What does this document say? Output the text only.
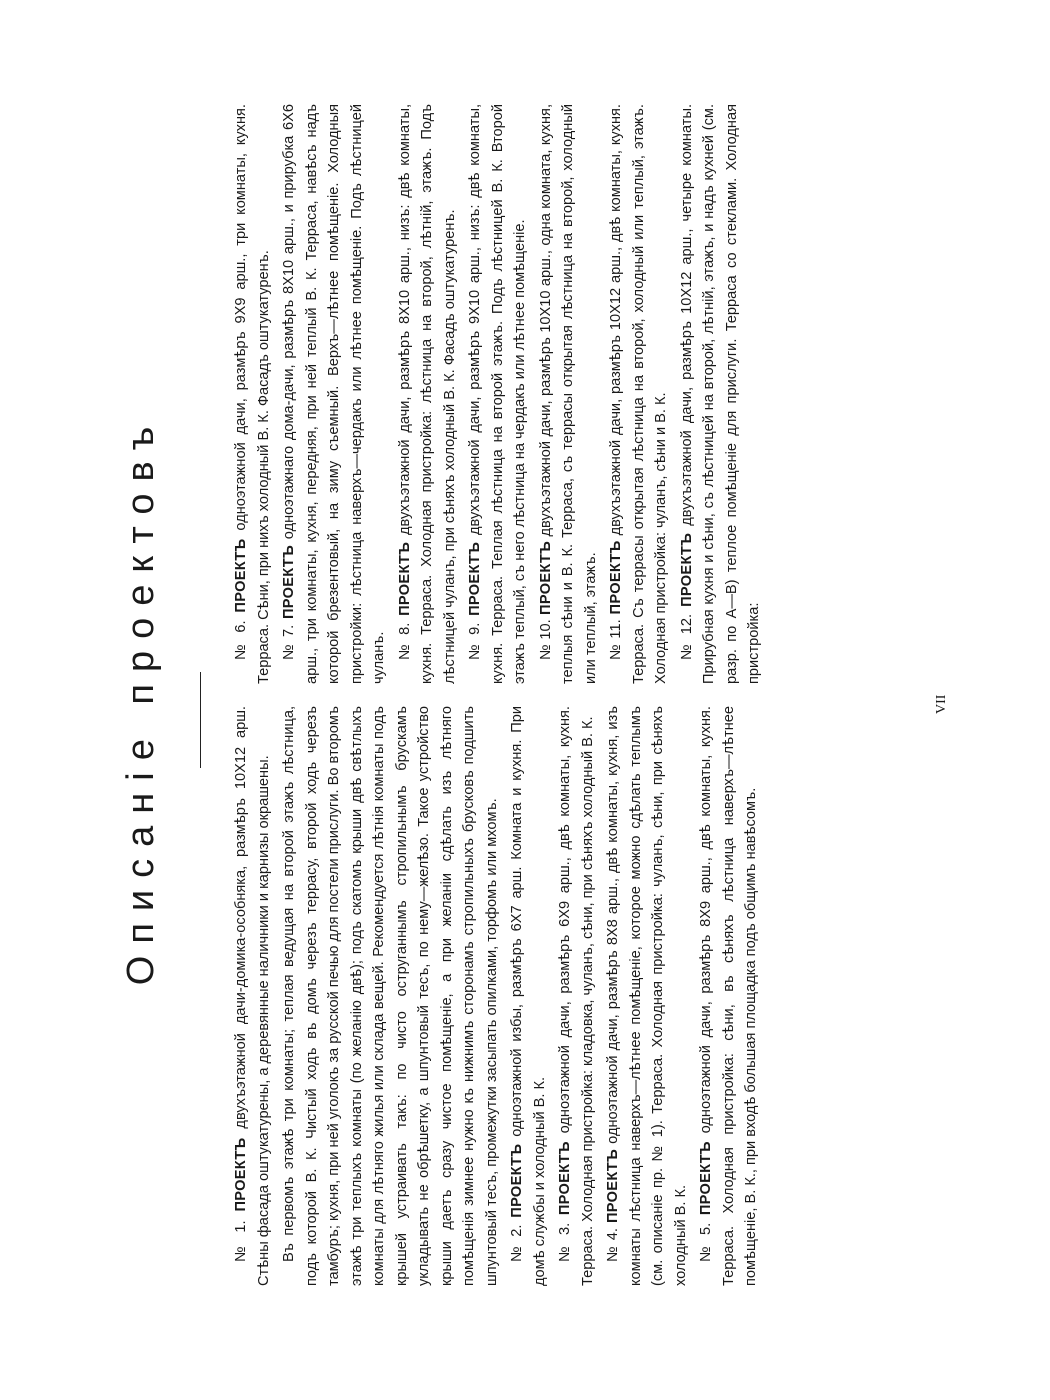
Описаніе проектовъ

№ 1. ПРОЕКТЪ двухъэтажной дачи-домика-особняка, размѣръ 10Х12 арш. Стѣны фасада оштукатурены, а деревянные наличники и карнизы окрашены. Въ первомъ этажѣ три комнаты; теплая ведущая на второй этажъ лѣстница, подъ которой В. К. Чистый ходъ въ домъ черезъ террасу, второй ходъ черезъ тамбуръ; кухня, при ней уголокъ за русской печью для постели прислуги. Во второмъ этажѣ три теплыхъ комнаты (по желанію двѣ); подъ скатомъ крыши двѣ свѣтлыхъ комнаты для лѣтняго жилья или склада вещей. Рекомендуется лѣтнія комнаты подъ крышей устраивать такъ: по чисто оструганнымъ стропильнымъ брускамъ укладывать не обрѣшетку, а шпунтовый тесъ, по нему—желѣзо. Такое устройство крыши даетъ сразу чистое помѣщеніе, а при желаніи сдѣлать изъ лѣтняго помѣщенія зимнее нужно къ нижнимъ сторонамъ стропильныхъ брусковъ подшить шпунтовый тесъ, промежутки засыпать опилками, торфомъ или мхомъ. № 2. ПРОЕКТЪ одноэтажной избы, размѣръ 6Х7 арш. Комната и кухня. При домѣ службы и холодный В. К. № 3. ПРОЕКТЪ одноэтажной дачи, размѣръ 6Х9 арш., двѣ комнаты, кухня. Терраса. Холодная пристройка: кладовка, чуланъ, сѣни, при сѣняхъ холодный В. К. № 4. ПРОЕКТЪ одноэтажной дачи, размѣръ 8Х8 арш., двѣ комнаты, кухня, изъ комнаты лѣстница наверхъ—лѣтнее помѣщеніе, которое можно сдѣлать теплымъ (см. описаніе пр. № 1). Терраса. Холодная пристройка: чуланъ, сѣни, при сѣняхъ холодный В. К. № 5. ПРОЕКТЪ одноэтажной дачи, размѣръ 8Х9 арш., двѣ комнаты, кухня. Терраса. Холодная пристройка: сѣни, въ сѣняхъ лѣстница наверхъ—лѣтнее помѣщеніе, В. К., при входѣ большая площадка подъ общимъ навѣсомъ.

№ 6. ПРОЕКТЪ одноэтажной дачи, размѣръ 9Х9 арш., три комнаты, кухня. Терраса. Сѣни, при нихъ холодный В. К. Фасадъ оштукатуренъ. № 7. ПРОЕКТЪ одноэтажнаго дома-дачи, размѣръ 8Х10 арш., и прирубка 6Х6 арш., три комнаты, кухня, передняя, при ней теплый В. К. Терраса, навѣсъ надъ которой брезентовый, на зиму съемный. Верхъ—лѣтнее помѣщеніе. Холодныя пристройки: лѣстница наверхъ—чердакъ или лѣтнее помѣщеніе. Подъ лѣстницей чуланъ. № 8. ПРОЕКТЪ двухъэтажной дачи, размѣръ 8Х10 арш., низъ: двѣ комнаты, кухня. Терраса. Холодная пристройка: лѣстница на второй, лѣтній, этажъ. Подъ лѣстницей чуланъ, при сѣняхъ холодный В. К. Фасадъ оштукатуренъ. № 9. ПРОЕКТЪ двухъэтажной дачи, размѣръ 9Х10 арш., низъ: двѣ комнаты, кухня. Терраса. Теплая лѣстница на второй этажъ. Подъ лѣстницей В. К. Второй этажъ теплый, съ него лѣстница на чердакъ или лѣтнее помѣщеніе. № 10. ПРОЕКТЪ двухъэтажной дачи, размѣръ 10Х10 арш., одна комната, кухня, теплыя сѣни и В. К. Терраса, съ террасы открытая лѣстница на второй, холодный или теплый, этажъ. № 11. ПРОЕКТЪ двухъэтажной дачи, размѣръ 10Х12 арш., двѣ комнаты, кухня. Терраса. Съ террасы открытая лѣстница на второй, холодный или теплый, этажъ. Холодная пристройка: чуланъ, сѣни и В. К. № 12. ПРОЕКТЪ двухъэтажной дачи, размѣръ 10Х12 арш., четыре комнаты. Прирубная кухня и сѣни, съ лѣстницей на второй, лѣтній, этажъ, и надъ кухней (см. разр. по А—В) теплое помѣщеніе для прислуги. Терраса со стеклами. Холодная пристройка:

VII
